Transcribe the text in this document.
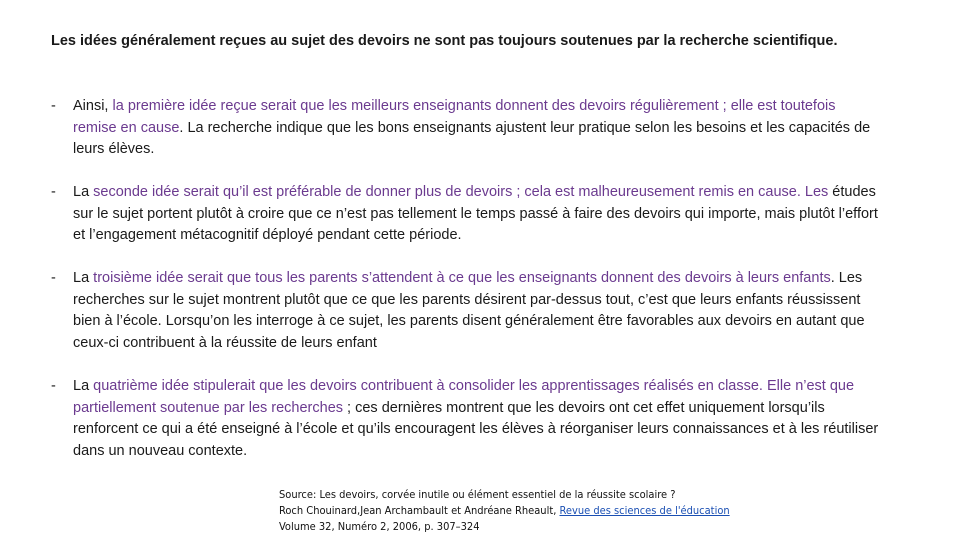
Les idées généralement reçues au sujet des devoirs ne sont pas toujours soutenues par la recherche scientifique.

- Ainsi, la première idée reçue serait que les meilleurs enseignants donnent des devoirs régulièrement ; elle est toutefois remise en cause. La recherche indique que les bons enseignants ajustent leur pratique selon les besoins et les capacités de leurs élèves.
- La seconde idée serait qu’il est préférable de donner plus de devoirs ; cela est malheureusement remis en cause. Les études sur le sujet portent plutôt à croire que ce n’est pas tellement le temps passé à faire des devoirs qui importe, mais plutôt l’effort et l’engagement métacognitif déployé pendant cette période.
- La troisième idée serait que tous les parents s’attendent à ce que les enseignants donnent des devoirs à leurs enfants. Les recherches sur le sujet montrent plutôt que ce que les parents désirent par-dessus tout, c’est que leurs enfants réussissent bien à l’école. Lorsqu’on les interroge à ce sujet, les parents disent généralement être favorables aux devoirs en autant que ceux-ci contribuent à la réussite de leurs enfant
- La quatrième idée stipulerait que les devoirs contribuent à consolider les apprentissages réalisés en classe. Elle n’est que partiellement soutenue par les recherches ; ces dernières montrent que les devoirs ont cet effet uniquement lorsqu’ils renforcent ce qui a été enseigné à l’école et qu’ils encouragent les élèves à réorganiser leurs connaissances et à les réutiliser dans un nouveau contexte.
Source: Les devoirs, corvée inutile ou élément essentiel de la réussite scolaire ?
Roch Chouinard,Jean Archambault et Andréane Rheault, Revue des sciences de l'éducation
Volume 32, Numéro 2, 2006, p. 307–324
